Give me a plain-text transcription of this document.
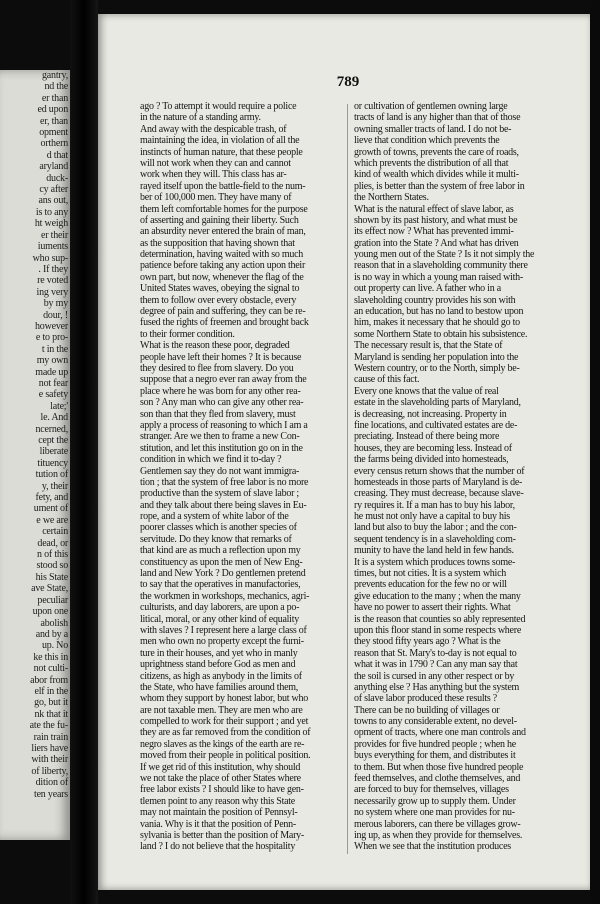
gantry,
nd the
er than
ed upon
er, than
opment
orthern
d that
aryland
duck-
cy after
ans out,
is to any
ht weigh
er their
iuments
who sup-
. If they
re voted
ing very
by my
dour, !
however
e to pro-
t in the
my own
made up
not fear
e safety
late;'
le. And
ncerned,
cept the
liberate
tituency
tution of
y, their
fety, and
ument of
e we are
certain
dead, or
n of this
stood so
his State
ave State,
peculiar
upon one
abolish
and by a
up. No
ke this in
not culti-
abor from
elf in the
go, but it
nk that it
ate the fu-
rain train
liers have
with their
of liberty,
dition of
ten years
789
ago ? To attempt it would require a police
in the nature of a standing army.
And away with the despicable trash, of
maintaining the idea, in violation of all the
instincts of human nature, that these people
will not work when they can and cannot
work when they will. This class has ar-
rayed itself upon the battle-field to the num-
ber of 100,000 men. They have many of
them left comfortable homes for the purpose
of asserting and gaining their liberty. Such
an absurdity never entered the brain of man,
as the supposition that having shown that
determination, having waited with so much
patience before taking any action upon their
own part, but now, whenever the flag of the
United States waves, obeying the signal to
them to follow over every obstacle, every
degree of pain and suffering, they can be re-
fused the rights of freemen and brought back
to their former condition.
What is the reason these poor, degraded
people have left their homes ? It is because
they desired to flee from slavery. Do you
suppose that a negro ever ran away from the
place where he was born for any other rea-
son ? Any man who can give any other rea-
son than that they fled from slavery, must
apply a process of reasoning to which I am a
stranger. Are we then to frame a new Con-
stitution, and let this institution go on in the
condition in which we find it to-day ?
Gentlemen say they do not want immigra-
tion ; that the system of free labor is no more
productive than the system of slave labor ;
and they talk about there being slaves in Eu-
rope, and a system of white labor of the
poorer classes which is another species of
servitude. Do they know that remarks of
that kind are as much a reflection upon my
constituency as upon the men of New Eng-
land and New York ? Do gentlemen pretend
to say that the operatives in manufactories,
the workmen in workshops, mechanics, agri-
culturists, and day laborers, are upon a po-
litical, moral, or any other kind of equality
with slaves ? I represent here a large class of
men who own no property except the furni-
ture in their houses, and yet who in manly
uprightness stand before God as men and
citizens, as high as anybody in the limits of
the State, who have families around them,
whom they support by honest labor, but who
are not taxable men. They are men who are
compelled to work for their support ; and yet
they are as far removed from the condition of
negro slaves as the kings of the earth are re-
moved from their people in political position.
If we get rid of this institution, why should
we not take the place of other States where
free labor exists ? I should like to have gen-
tlemen point to any reason why this State
may not maintain the position of Pennsyl-
vania. Why is it that the position of Penn-
sylvania is better than the position of Mary-
land ? I do not believe that the hospitality
or cultivation of gentlemen owning large
tracts of land is any higher than that of those
owning smaller tracts of land. I do not be-
lieve that condition which prevents the
growth of towns, prevents the care of roads,
which prevents the distribution of all that
kind of wealth which divides while it multi-
plies, is better than the system of free labor in
the Northern States.
What is the natural effect of slave labor, as
shown by its past history, and what must be
its effect now ? What has prevented immi-
gration into the State ? And what has driven
young men out of the State ? Is it not simply the
reason that in a slaveholding community there
is no way in which a young man raised with-
out property can live. A father who in a
slaveholding country provides his son with
an education, but has no land to bestow upon
him, makes it necessary that he should go to
some Northern State to obtain his subsistence.
The necessary result is, that the State of
Maryland is sending her population into the
Western country, or to the North, simply be-
cause of this fact.
Every one knows that the value of real
estate in the slaveholding parts of Maryland,
is decreasing, not increasing. Property in
fine locations, and cultivated estates are de-
preciating. Instead of there being more
houses, they are becoming less. Instead of
the farms being divided into homesteads,
every census return shows that the number of
homesteads in those parts of Maryland is de-
creasing. They must decrease, because slave-
ry requires it. If a man has to buy his labor,
he must not only have a capital to buy his
land but also to buy the labor ; and the con-
sequent tendency is in a slaveholding com-
munity to have the land held in few hands.
It is a system which produces towns some-
times, but not cities. It is a system which
prevents education for the few no or will
give education to the many ; when the many
have no power to assert their rights. What
is the reason that counties so ably represented
upon this floor stand in some respects where
they stood fifty years ago ? What is the
reason that St. Mary's to-day is not equal to
what it was in 1790 ? Can any man say that
the soil is cursed in any other respect or by
anything else ? Has anything but the system
of slave labor produced these results ?
There can be no building of villages or
towns to any considerable extent, no devel-
opment of tracts, where one man controls and
provides for five hundred people ; when he
buys everything for them, and distributes it
to them. But when those five hundred people
feed themselves, and clothe themselves, and
are forced to buy for themselves, villages
necessarily grow up to supply them. Under
no system where one man provides for nu-
merous laborers, can there be villages grow-
ing up, as when they provide for themselves.
When we see that the institution produces
